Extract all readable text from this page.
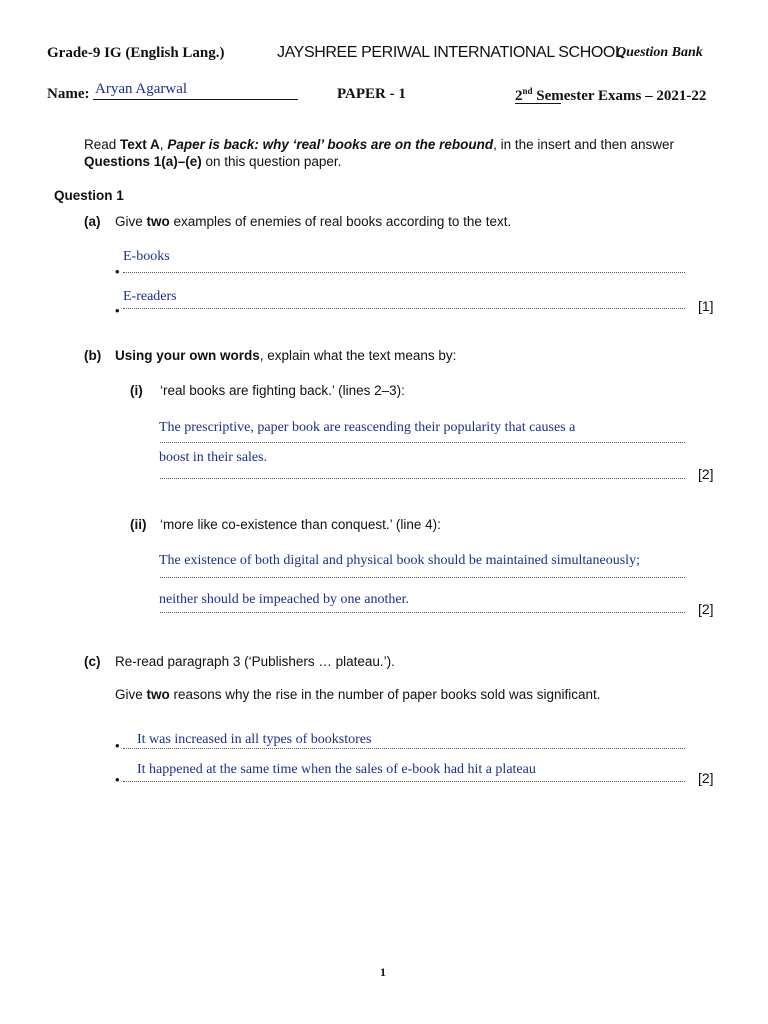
Grade-9 IG (English Lang.)	JAYSHREE PERIWAL INTERNATIONAL SCHOOL
Question Bank
Name: Aryan Agarwal	PAPER - 1	2nd Semester Exams – 2021-22
Read Text A, Paper is back: why ‘real’ books are on the rebound, in the insert and then answer
Questions 1(a)–(e) on this question paper.
Question 1
(a) Give two examples of enemies of real books according to the text.
E-books
•
E-readers
•	[1]
(b) Using your own words, explain what the text means by:
(i) ‘real books are fighting back.’ (lines 2–3):
The prescriptive, paper book are reascending their popularity that causes a
boost in their sales.
[2]
(ii) ‘more like co-existence than conquest.’ (line 4):
The existence of both digital and physical book should be maintained simultaneously;
neither should be impeached by one another.
[2]
(c) Re-read paragraph 3 (‘Publishers … plateau.’).
Give two reasons why the rise in the number of paper books sold was significant.
It was increased in all types of bookstores
•
It happened at the same time when the sales of e-book had hit a plateau
•	[2]
1
